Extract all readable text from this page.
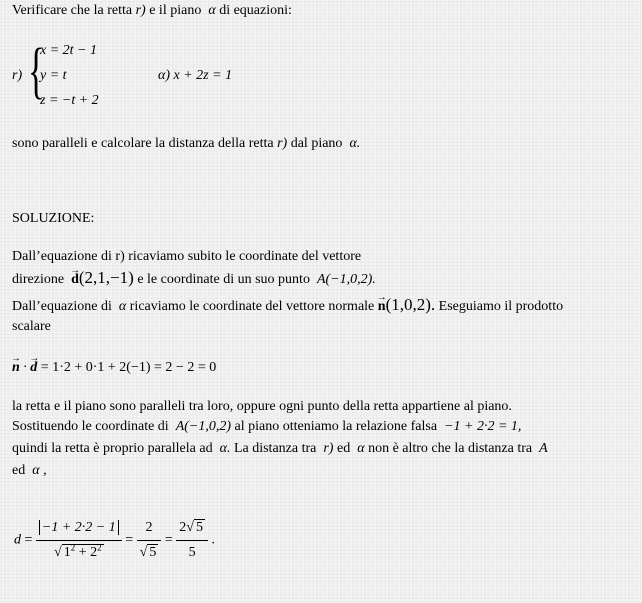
Verificare che la retta r) e il piano α di equazioni:
r) {
x = 2t − 1
y = t
z = −t + 2
α) x + 2z = 1
sono paralleli e calcolare la distanza della retta r) dal piano α.
SOLUZIONE:
Dall’equazione di r) ricaviamo subito le coordinate del vettore
direzione → d(2,1,−1) e le coordinate di un suo punto A(−1,0,2).
Dall’equazione di α ricaviamo le coordinate del vettore normale → n(1,0,2). Eseguiamo il prodotto
scalare
→ n · → d = 1·2 + 0·1 + 2(−1) = 2 − 2 = 0
la retta e il piano sono paralleli tra loro, oppure ogni punto della retta appartiene al piano.
Sostituendo le coordinate di A(−1,0,2) al piano otteniamo la relazione falsa −1 + 2·2 = 1,
quindi la retta è proprio parallela ad α. La distanza tra r) ed α non è altro che la distanza tra A
ed α ,
$d = \frac{-1 + 2\cdot 2 - 1}{√ 1^2 + 2^2} = \frac{2}{√ 5} = \frac{2√ 5}{5}$ .
